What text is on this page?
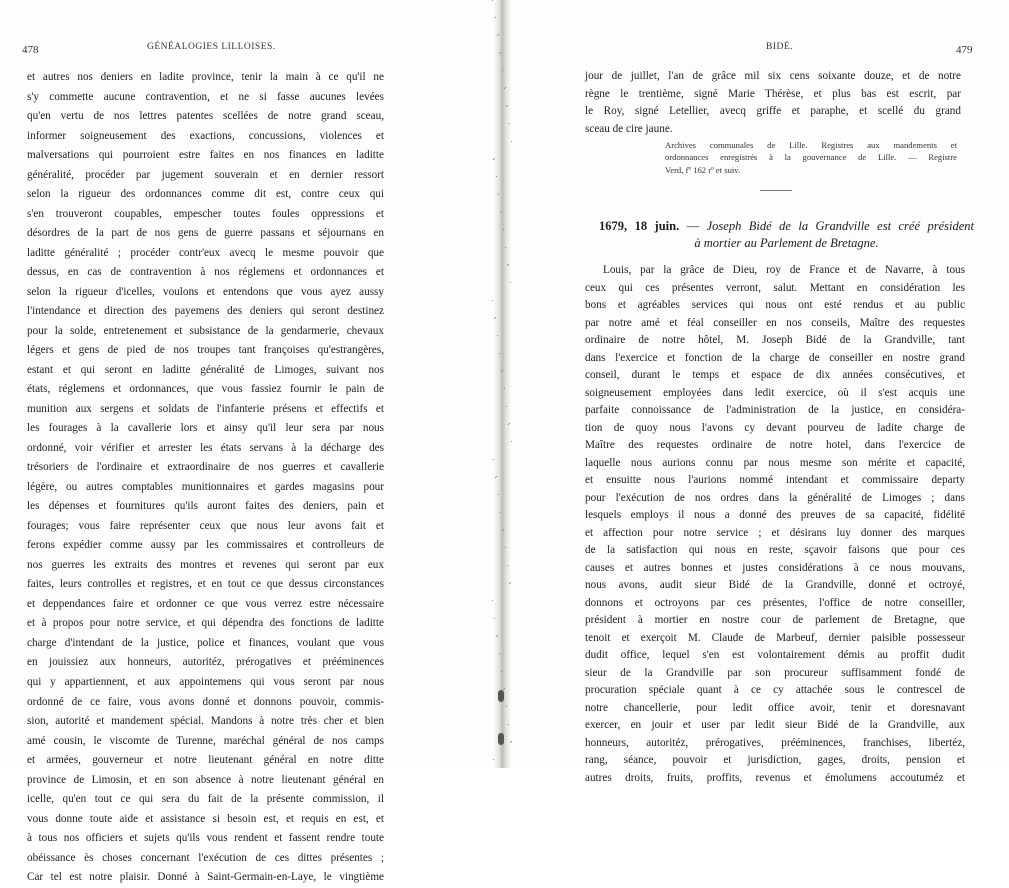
478	GÉNÉALOGIES LILLOISES.
et autres nos deniers en ladite province, tenir la main à ce qu'il ne
s'y commette aucune contravention, et ne si fasse aucunes levées
qu'en vertu de nos lettres patentes scellées de notre grand sceau,
informer soigneusement des exactions, concussions, violences et
malversations qui pourroient estre faites en nos finances en laditte
généralité, procéder par jugement souverain et en dernier ressort
selon la rigueur des ordonnances comme dit est, contre ceux qui
s'en trouveront coupables, empescher toutes foules oppressions et
désordres de la part de nos gens de guerre passans et séjournans en
laditte généralité ; procéder contr'eux avecq le mesme pouvoir que
dessus, en cas de contravention à nos réglemens et ordonnances et
selon la rigueur d'icelles, voulons et entendons que vous ayez aussy
l'intendance et direction des payemens des deniers qui seront destinez
pour la solde, entretenement et subsistance de la gendarmerie, chevaux
légers et gens de pied de nos troupes tant françoises qu'estrangères,
estant et qui seront en laditte généralité de Limoges, suivant nos
états, réglemens et ordonnances, que vous fassiez fournir le pain de
munition aux sergens et soldats de l'infanterie présens et effectifs et
les fourages à la cavallerie lors et ainsy qu'il leur sera par nous
ordonné, voir vérifier et arrester les états servans à la décharge des
trésoriers de l'ordinaire et extraordinaire de nos guerres et cavallerie
légère, ou autres comptables munitionnaires et gardes magasins pour
les dépenses et fournitures qu'ils auront faites des deniers, pain et
fourages; vous faire représenter ceux que nous leur avons fait et
ferons expédier comme aussy par les commissaires et controlleurs de
nos guerres les extraits des montres et revenes qui seront par eux
faites, leurs controlles et registres, et en tout ce que dessus circonstances
et deppendances faire et ordonner ce que vous verrez estre nécessaire
et à propos pour notre service, et qui dépendra des fonctions de laditte
charge d'intendant de la justice, police et finances, voulant que vous
en jouissiez aux honneurs, autoritéz, prérogatives et prééminences
qui y appartiennent, et aux appointemens qui vous seront par nous
ordonné de ce faire, vous avons donné et donnons pouvoir, commis-
sion, autorité et mandement spécial. Mandons à notre très cher et bien
amé cousin, le viscomte de Turenne, maréchal général de nos camps
et armées, gouverneur et notre lieutenant général en notre ditte
province de Limosin, et en son absence à notre lieutenant général en
icelle, qu'en tout ce qui sera du fait de la présente commission, il
vous donne toute aide et assistance si besoin est, et requis en est, et
à tous nos officiers et sujets qu'ils vous rendent et fassent rendre toute
obéissance ès choses concernant l'exécution de ces dittes présentes ;
Car tel est notre plaisir. Donné à Saint-Germain-en-Laye, le vingtième
BIDÉ.	479
jour de juillet, l'an de grâce mil six cens soixante douze, et de notre
règne le trentième, signé Marie Thérèse, et plus bas est escrit, par
le Roy, signé Letellier, avecq griffe et paraphe, et scellé du grand
sceau de cire jaune.
Archives communales de Lille. Registres aux mandements et
ordonnances enregistrés à la gouvernance de Lille. — Registre
Verd, fº 162 rº et suiv.
1679, 18 juin. — Joseph Bidé de la Grandville est créé président
à mortier au Parlement de Bretagne.
Louis, par la grâce de Dieu, roy de France et de Navarre, à tous
ceux qui ces présentes verront, salut. Mettant en considération les
bons et agréables services qui nous ont esté rendus et au public
par notre amé et féal conseiller en nos conseils, Maître des requestes
ordinaire de notre hôtel, M. Joseph Bidé de la Grandville, tant
dans l'exercice et fonction de la charge de conseiller en nostre grand
conseil, durant le temps et espace de dix années consécutives, et
soigneusement employées dans ledit exercice, où il s'est acquis une
parfaite connoissance de l'administration de la justice, en considéra-
tion de quoy nous l'avons cy devant pourveu de ladite charge de
Maître des requestes ordinaire de notre hotel, dans l'exercice de
laquelle nous aurions connu par nous mesme son mérite et capacité,
et ensuitte nous l'aurions nommé intendant et commissaire departy
pour l'exécution de nos ordres dans la généralité de Limoges ; dans
lesquels employs il nous a donné des preuves de sa capacité, fidélité
et affection pour notre service ; et désirans luy donner des marques
de la satisfaction qui nous en reste, sçavoir faisons que pour ces
causes et autres bonnes et justes considérations à ce nous mouvans,
nous avons, audit sieur Bidé de la Grandville, donné et octroyé,
donnons et octroyons par ces présentes, l'office de notre conseiller,
président à mortier en nostre cour de parlement de Bretagne, que
tenoit et exerçoit M. Claude de Marbeuf, dernier paisible possesseur
dudit office, lequel s'en est volontairement démis au proffit dudit
sieur de la Grandville par son procureur suffisamment fondé de
procuration spéciale quant à ce cy attachée sous le contrescel de
notre chancellerie, pour ledit office avoir, tenir et doresnavant
exercer, en jouir et user par ledit sieur Bidé de la Grandville, aux
honneurs, autoritéz, prérogatives, prééminences, franchises, libertéz,
rang, séance, pouvoir et jurisdiction, gages, droits, pension et
autres droits, fruits, proffits, revenus et émolumens accoutuméz et
